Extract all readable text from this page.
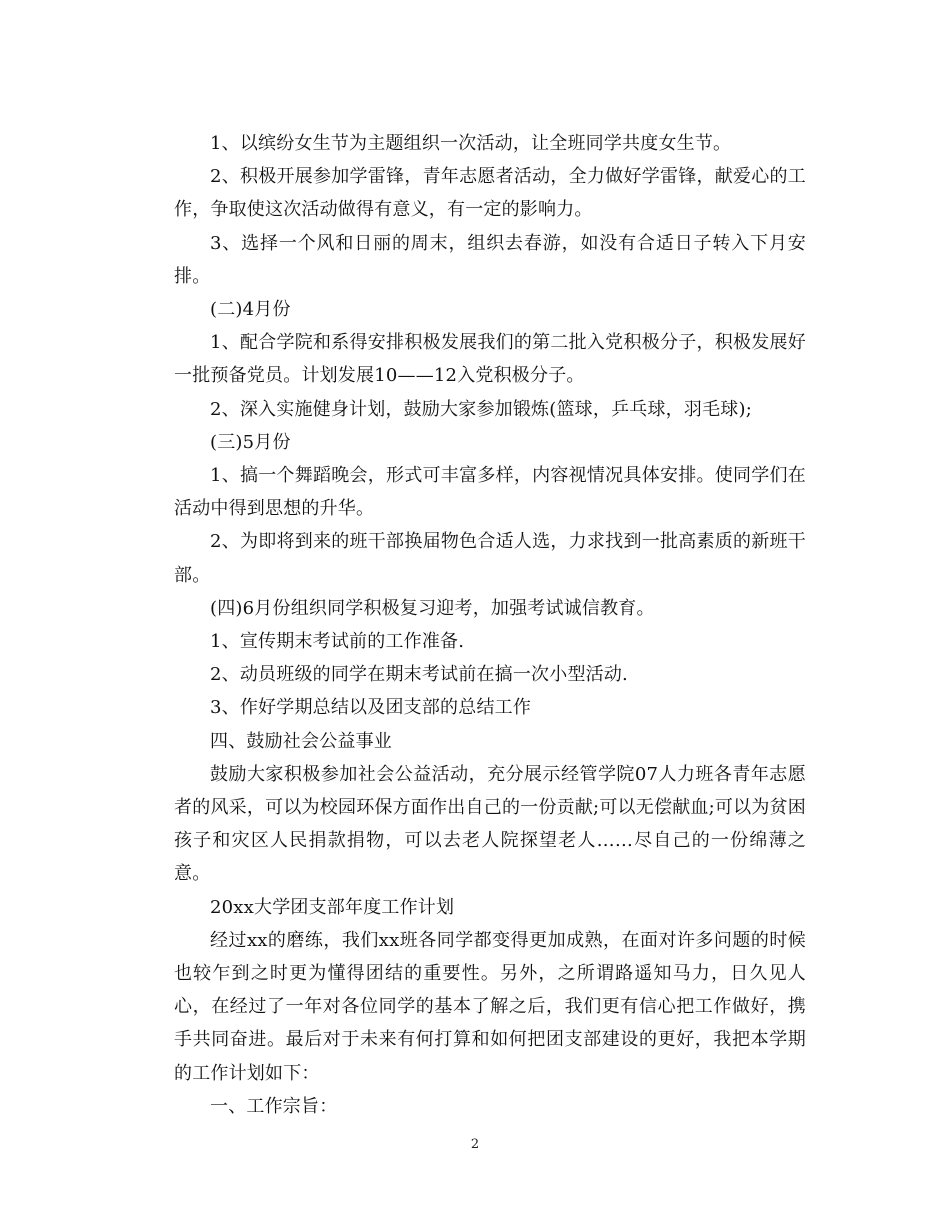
1、以缤纷女生节为主题组织一次活动，让全班同学共度女生节。

2、积极开展参加学雷锋，青年志愿者活动，全力做好学雷锋，献爱心的工作，争取使这次活动做得有意义，有一定的影响力。

3、选择一个风和日丽的周末，组织去春游，如没有合适日子转入下月安排。

(二)4月份

1、配合学院和系得安排积极发展我们的第二批入党积极分子，积极发展好一批预备党员。计划发展10——12入党积极分子。

2、深入实施健身计划，鼓励大家参加锻炼(篮球，乒乓球，羽毛球);

(三)5月份

1、搞一个舞蹈晚会，形式可丰富多样，内容视情况具体安排。使同学们在活动中得到思想的升华。

2、为即将到来的班干部换届物色合适人选，力求找到一批高素质的新班干部。

(四)6月份组织同学积极复习迎考，加强考试诚信教育。

1、宣传期末考试前的工作准备.

2、动员班级的同学在期末考试前在搞一次小型活动.

3、作好学期总结以及团支部的总结工作

四、鼓励社会公益事业

鼓励大家积极参加社会公益活动，充分展示经管学院07人力班各青年志愿者的风采，可以为校园环保方面作出自己的一份贡献;可以无偿献血;可以为贫困孩子和灾区人民捐款捐物，可以去老人院探望老人……尽自己的一份绵薄之意。

20xx大学团支部年度工作计划

经过xx的磨练，我们xx班各同学都变得更加成熟，在面对许多问题的时候也较乍到之时更为懂得团结的重要性。另外，之所谓路遥知马力，日久见人心，在经过了一年对各位同学的基本了解之后，我们更有信心把工作做好，携手共同奋进。最后对于未来有何打算和如何把团支部建设的更好，我把本学期的工作计划如下：

一、工作宗旨：

2
